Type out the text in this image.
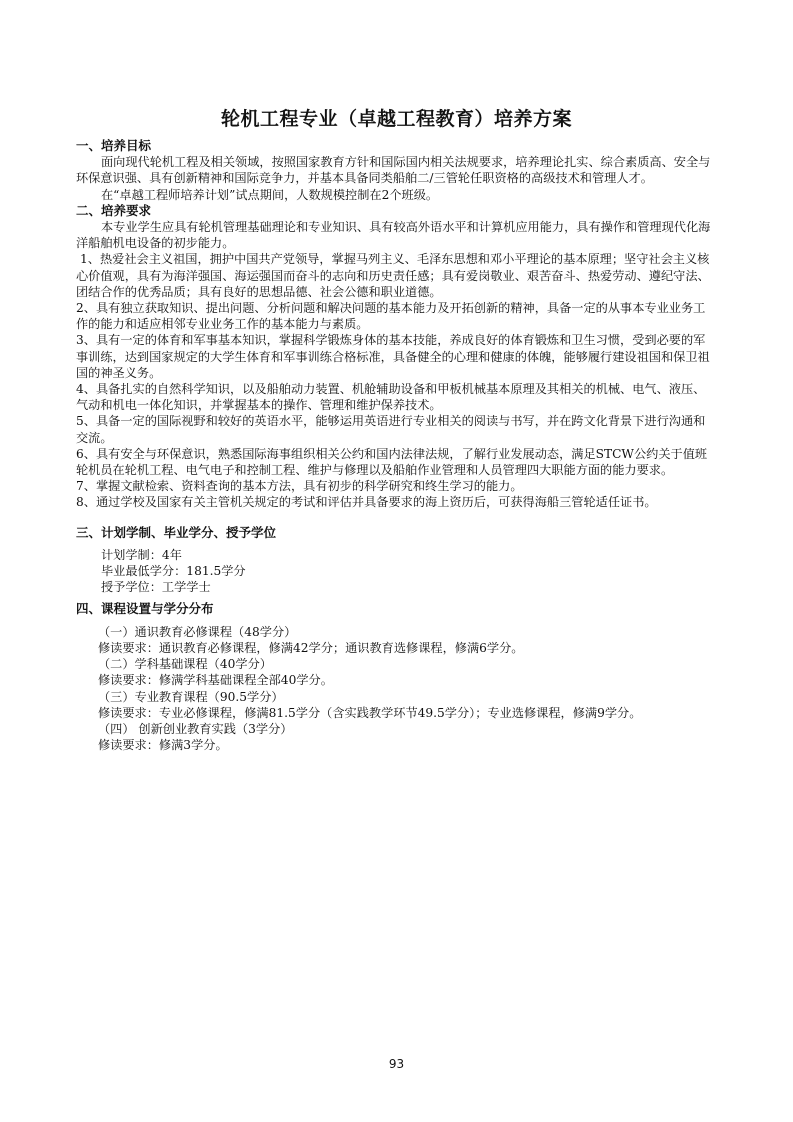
轮机工程专业（卓越工程教育）培养方案

一、培养目标

面向现代轮机工程及相关领域，按照国家教育方针和国际国内相关法规要求，培养理论扎实、综合素质高、安全与环保意识强、具有创新精神和国际竞争力，并基本具备同类船舶二/三管轮任职资格的高级技术和管理人才。

在“卓越工程师培养计划”试点期间，人数规模控制在2个班级。

二、培养要求

本专业学生应具有轮机管理基础理论和专业知识、具有较高外语水平和计算机应用能力，具有操作和管理现代化海洋船舶机电设备的初步能力。

1、热爱社会主义祖国，拥护中国共产党领导，掌握马列主义、毛泽东思想和邓小平理论的基本原理；坚守社会主义核心价值观，具有为海洋强国、海运强国而奋斗的志向和历史责任感；具有爱岗敬业、艰苦奋斗、热爱劳动、遵纪守法、团结合作的优秀品质；具有良好的思想品德、社会公德和职业道德。

2、具有独立获取知识、提出问题、分析问题和解决问题的基本能力及开拓创新的精神，具备一定的从事本专业业务工作的能力和适应相邻专业业务工作的基本能力与素质。

3、具有一定的体育和军事基本知识，掌握科学锻炼身体的基本技能，养成良好的体育锻炼和卫生习惯，受到必要的军事训练，达到国家规定的大学生体育和军事训练合格标准，具备健全的心理和健康的体魄，能够履行建设祖国和保卫祖国的神圣义务。

4、具备扎实的自然科学知识，以及船舶动力装置、机舱辅助设备和甲板机械基本原理及其相关的机械、电气、液压、气动和机电一体化知识，并掌握基本的操作、管理和维护保养技术。

5、具备一定的国际视野和较好的英语水平，能够运用英语进行专业相关的阅读与书写，并在跨文化背景下进行沟通和交流。

6、具有安全与环保意识，熟悉国际海事组织相关公约和国内法律法规，了解行业发展动态，满足STCW公约关于值班轮机员在轮机工程、电气电子和控制工程、维护与修理以及船舶作业管理和人员管理四大职能方面的能力要求。

7、掌握文献检索、资料查询的基本方法，具有初步的科学研究和终生学习的能力。

8、通过学校及国家有关主管机关规定的考试和评估并具备要求的海上资历后，可获得海船三管轮适任证书。

三、计划学制、毕业学分、授予学位

计划学制：4年

毕业最低学分：181.5学分

授予学位：工学学士

四、课程设置与学分分布

（一）通识教育必修课程（48学分）

修读要求：通识教育必修课程，修满42学分；通识教育选修课程，修满6学分。

（二）学科基础课程（40学分）

修读要求：修满学科基础课程全部40学分。

（三）专业教育课程（90.5学分）

修读要求：专业必修课程，修满81.5学分（含实践教学环节49.5学分）；专业选修课程，修满9学分。

（四） 创新创业教育实践（3学分）

修读要求：修满3学分。

93
